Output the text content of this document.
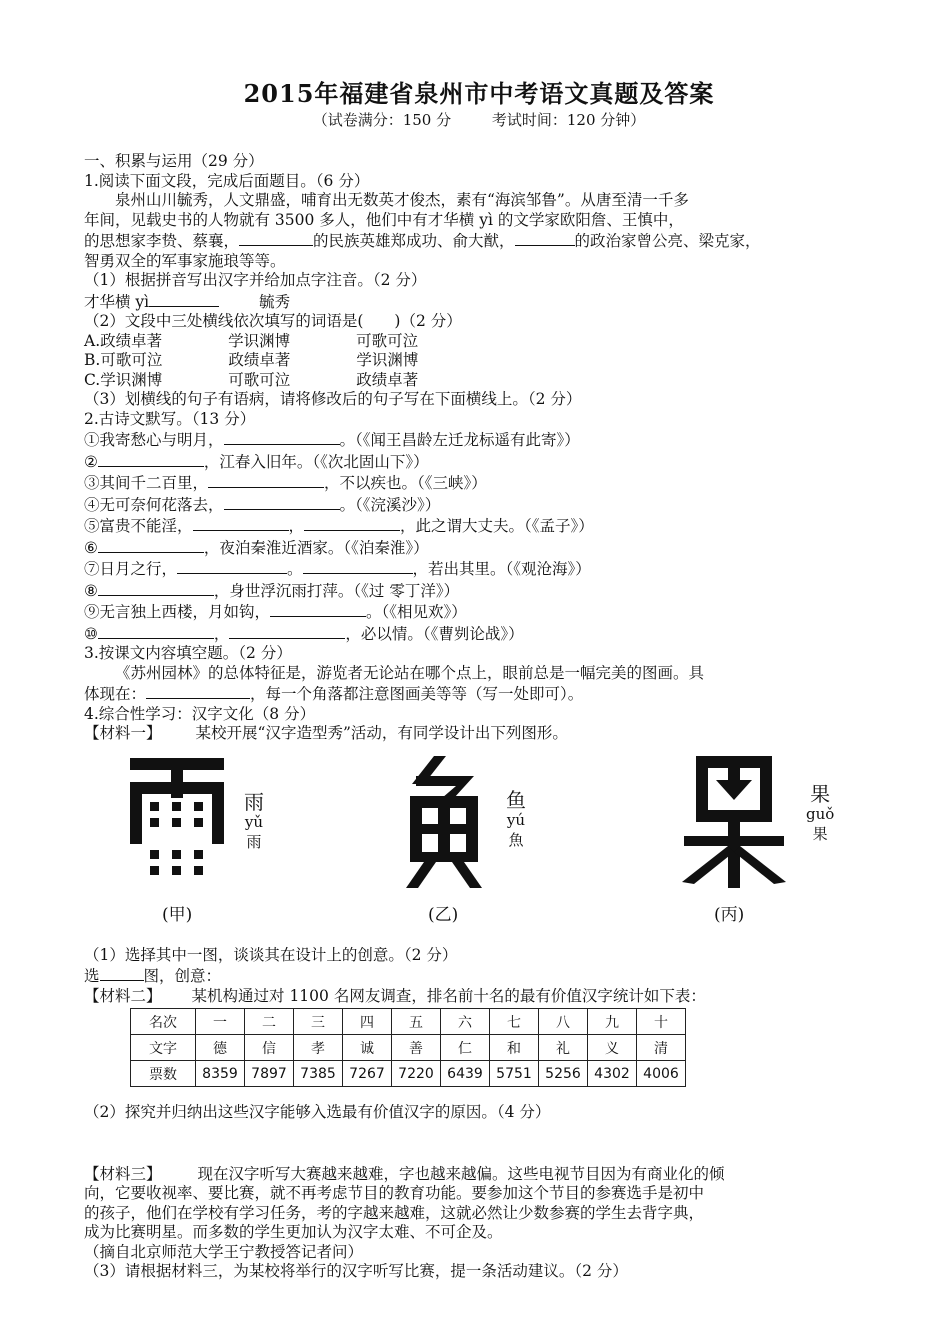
2015年福建省泉州市中考语文真题及答案
（试卷满分：150 分	考试时间：120 分钟）
一、积累与运用（29 分）
1.阅读下面文段，完成后面题目。（6 分）
泉州山川毓秀，人文鼎盛，哺育出无数英才俊杰，素有“海滨邹鲁”。从唐至清一千多
年间，见载史书的人物就有 3500 多人，他们中有才华横 yì 的文学家欧阳詹、王慎中，
的思想家李贽、蔡襄，	的民族英雄郑成功、俞大猷，	的政治家曾公亮、梁克家，
智勇双全的军事家施琅等等。
（1）根据拼音写出汉字并给加点字注音。（2 分）
才华横 yì	毓秀
（2）文段中三处横线依次填写的词语是(　　)（2 分）
A.政绩卓著	学识渊博	可歌可泣
B.可歌可泣	政绩卓著	学识渊博
C.学识渊博	可歌可泣	政绩卓著
（3）划横线的句子有语病，请将修改后的句子写在下面横线上。（2 分）
2.古诗文默写。（13 分）
①我寄愁心与明月，	。（《闻王昌龄左迁龙标遥有此寄》）
②	，江春入旧年。（《次北固山下》）
③其间千二百里，	，不以疾也。（《三峡》）
④无可奈何花落去，	。（《浣溪沙》）
⑤富贵不能淫，	，	，此之谓大丈夫。（《孟子》）
⑥	，夜泊秦淮近酒家。（《泊秦淮》）
⑦日月之行，	。	，若出其里。（《观沧海》）
⑧	，身世浮沉雨打萍。（《过 零丁洋》）
⑨无言独上西楼，月如钩，	。（《相见欢》）
⑩	，	，必以情。（《曹刿论战》）
3.按课文内容填空题。（2 分）
《苏州园林》的总体特征是，游览者无论站在哪个点上，眼前总是一幅完美的图画。具
体现在：	，每一个角落都注意图画美等等（写一处即可）。
4.综合性学习：汉字文化（8 分）
【材料一】 某校开展“汉字造型秀”活动，有同学设计出下列图形。
雨
yǔ
雨
(甲)
鱼
yú
魚
(乙)
果
guǒ
果
(丙)
（1）选择其中一图，谈谈其在设计上的创意。（2 分）
选	图，创意：
【材料二】 某机构通过对 1100 名网友调查，排名前十名的最有价值汉字统计如下表：
名次	一	二	三	四	五	六	七	八	九	十
文字	德	信	孝	诚	善	仁	和	礼	义	清
票数	8359	7897	7385	7267	7220	6439	5751	5256	4302	4006
（2）探究并归纳出这些汉字能够入选最有价值汉字的原因。（4 分）
【材料三】 现在汉字听写大赛越来越难，字也越来越偏。这些电视节目因为有商业化的倾
向，它要收视率、要比赛，就不再考虑节目的教育功能。要参加这个节目的参赛选手是初中
的孩子，他们在学校有学习任务，考的字越来越难，这就必然让少数参赛的学生去背字典，
成为比赛明星。而多数的学生更加认为汉字太难、不可企及。
（摘自北京师范大学王宁教授答记者问）
（3）请根据材料三，为某校将举行的汉字听写比赛，提一条活动建议。（2 分）
